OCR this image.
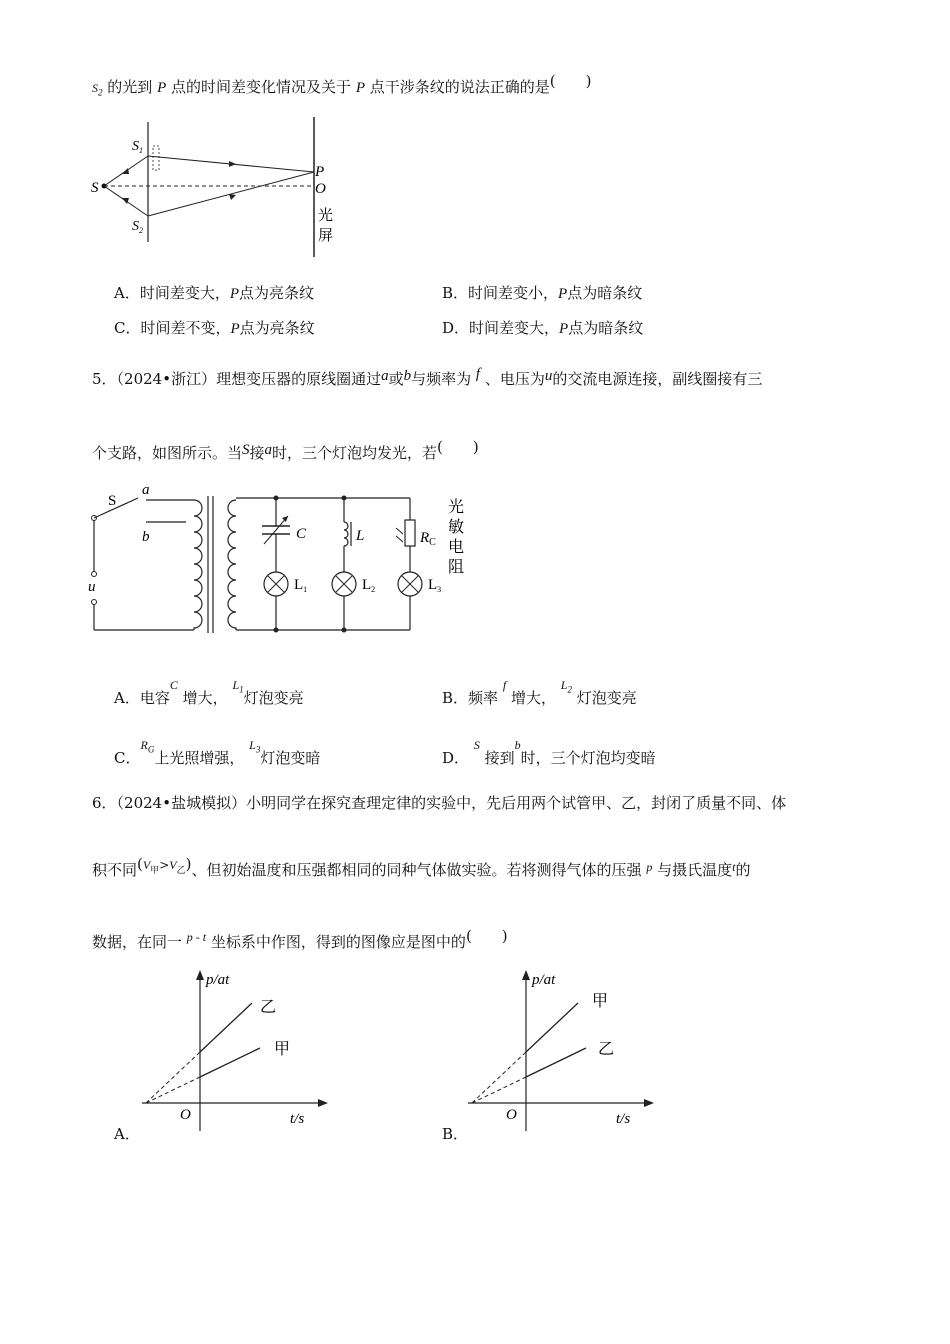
$S_2$ 的光到 P 点的时间差变化情况及关于 P 点干涉条纹的说法正确的是(　　)
S
$S_1$
$S_2$
P
O
光
屏
A．时间差变大，P点为亮条纹	B．时间差变小，P点为暗条纹
C．时间差不变，P点为亮条纹	D．时间差变大，P点为暗条纹
5．（2024•浙江）理想变压器的原线圈通过a或b与频率为 f 、电压为u的交流电源连接，副线圈接有三
个支路，如图所示。当S接a时，三个灯泡均发光，若(　　)
S
a
b
u
C	L	$R_C$
$L_1$	$L_2$	$L_3$
光
敏
电
阻
A．电容$^C$ 增大， $^{L_1}$灯泡变亮	B．频率 $^f$ 增大， $^{L_2}$ 灯泡变亮
C．$^{R_G}$上光照增强， $^{L_3}$灯泡变暗	D． $^S$ 接到$^b$时，三个灯泡均变暗
6．（2024•盐城模拟）小明同学在探究查理定律的实验中，先后用两个试管甲、乙，封闭了质量不同、体
积不同$(V_甲>V_乙)$、但初始温度和压强都相同的同种气体做实验。若将测得气体的压强 $^p$ 与摄氏温度$^t$的
数据，在同一 $^{p - t}$ 坐标系中作图，得到的图像应是图中的(　　)
A．
p/at
t/s
O
乙
甲
B．
p/at
t/s
O
甲
乙
